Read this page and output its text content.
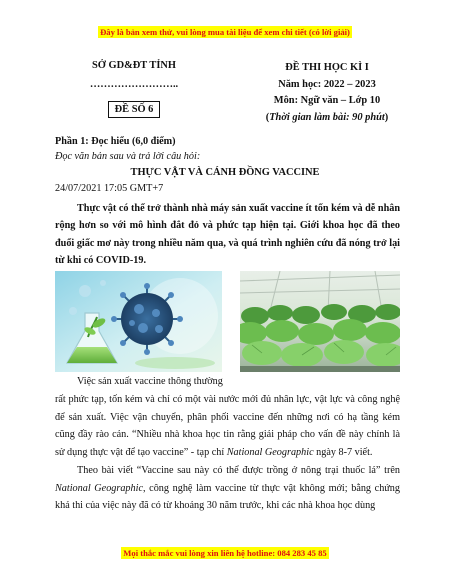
Đây là bản xem thử, vui lòng mua tài liệu để xem chi tiết (có lời giải)
SỞ GD&ĐT TỈNH
……………………..
ĐỀ SỐ 6
ĐỀ THI HỌC KÌ I
Năm học: 2022 – 2023
Môn: Ngữ văn – Lớp 10
(Thời gian làm bài: 90 phút)
Phần 1: Đọc hiểu (6,0 điểm)
Đọc văn bản sau và trả lời câu hỏi:
THỰC VẬT VÀ CÁNH ĐỒNG VACCINE
24/07/2021 17:05 GMT+7
Thực vật có thể trở thành nhà máy sản xuất vaccine ít tốn kém và dễ nhân rộng hơn so với mô hình đắt đỏ và phức tạp hiện tại. Giới khoa học đã theo đuổi giấc mơ này trong nhiều năm qua, và quá trình nghiên cứu đã nóng trở lại từ khi có COVID-19.
Việc sản xuất vaccine thông thường
rất phức tạp, tốn kém và chỉ có một vài nước mới đủ nhân lực, vật lực và công nghệ để sản xuất. Việc vận chuyển, phân phối vaccine đến những nơi có hạ tầng kém cũng đầy rào cản. “Nhiều nhà khoa học tin rằng giải pháp cho vấn đề này chính là sử dụng thực vật để tạo vaccine” - tạp chí National Geographic ngày 8-7 viết.
Theo bài viết “Vaccine sau này có thể được trồng ở nông trại thuốc lá” trên National Geographic, công nghệ làm vaccine từ thực vật không mới; bằng chứng khả thi của việc này đã có từ khoảng 30 năm trước, khi các nhà khoa học dùng
Mọi thắc mắc vui lòng xin liên hệ hotline: 084 283 45 85
